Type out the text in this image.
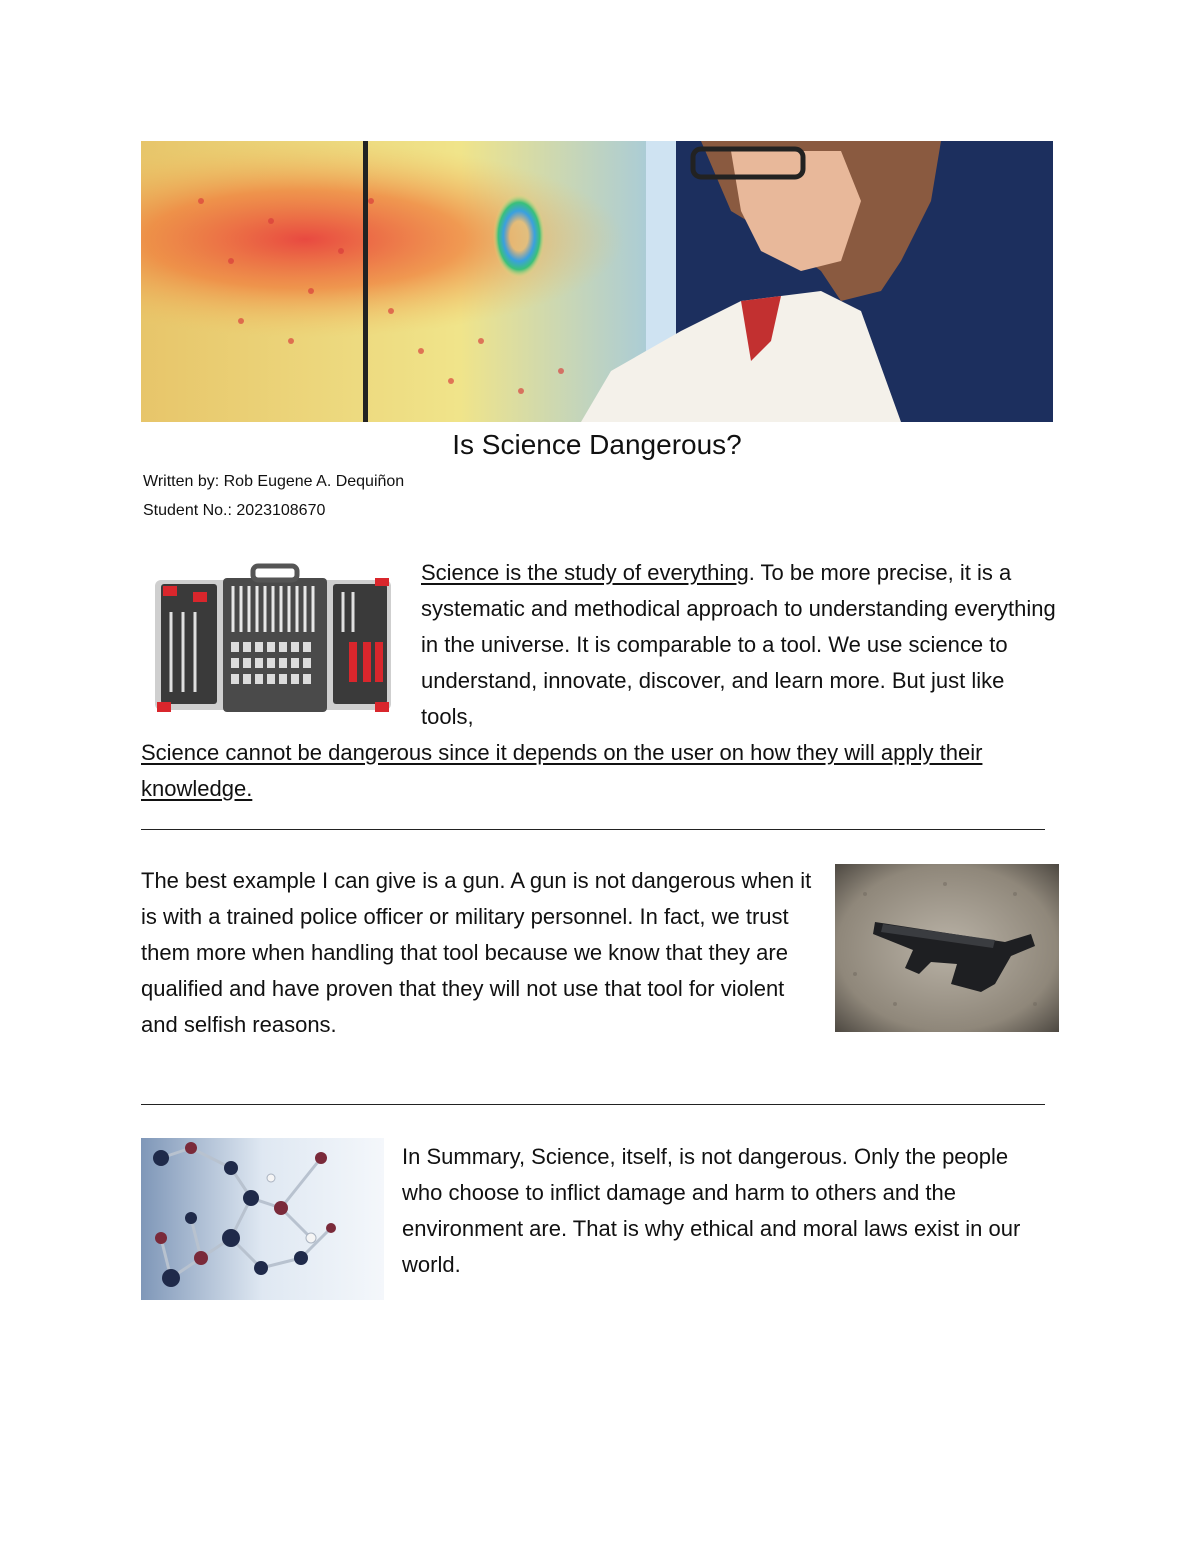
Is Science Dangerous?
Written by: Rob Eugene A. Dequiñon
Student No.: 2023108670

Science is the study of everything. To be more precise, it is a systematic and methodical approach to understanding everything in the universe. It is comparable to a tool. We use science to understand, innovate, discover, and learn more. But just like tools,

Science cannot be dangerous since it depends on the user on how they will apply their knowledge.

The best example I can give is a gun. A gun is not dangerous when it is with a trained police officer or military personnel. In fact, we trust them more when handling that tool because we know that they are qualified and have proven that they will not use that tool for violent and selfish reasons.

In Summary, Science, itself, is not dangerous. Only the people who choose to inflict damage and harm to others and the environment are. That is why ethical and moral laws exist in our world.
